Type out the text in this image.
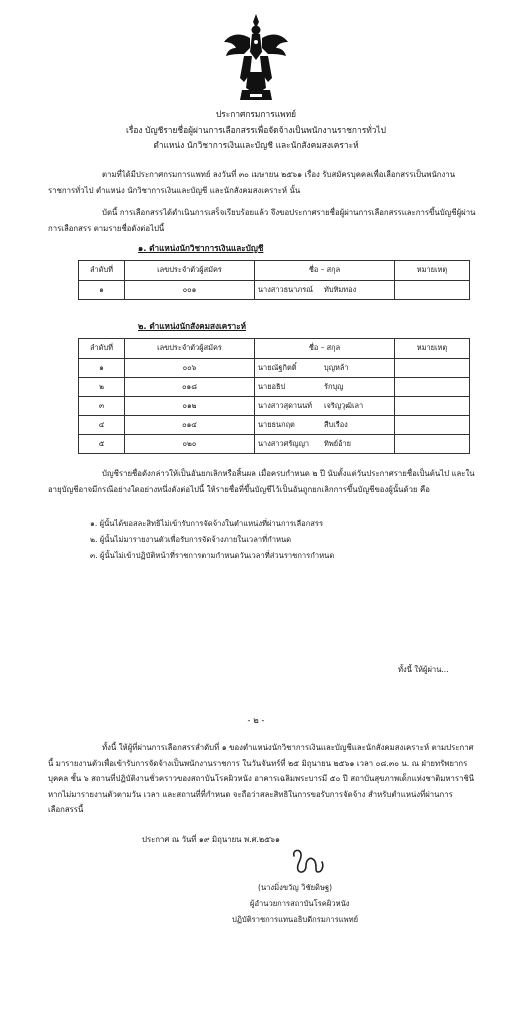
ประกาศกรมการแพทย์
เรื่อง บัญชีรายชื่อผู้ผ่านการเลือกสรรเพื่อจัดจ้างเป็นพนักงานราชการทั่วไป
ตำแหน่ง นักวิชาการเงินและบัญชี และนักสังคมสงเคราะห์
ตามที่ได้มีประกาศกรมการแพทย์ ลงวันที่ ๓๐ เมษายน ๒๕๖๑ เรื่อง รับสมัครบุคคลเพื่อเลือกสรรเป็นพนักงานราชการทั่วไป ตำแหน่ง นักวิชาการเงินและบัญชี และนักสังคมสงเคราะห์ นั้น
บัดนี้ การเลือกสรรได้ดำเนินการเสร็จเรียบร้อยแล้ว จึงขอประกาศรายชื่อผู้ผ่านการเลือกสรรและการขึ้นบัญชีผู้ผ่านการเลือกสรร ตามรายชื่อดังต่อไปนี้
๑. ตำแหน่งนักวิชาการเงินและบัญชี
ลำดับที่	เลขประจำตัวผู้สมัคร	ชื่อ – สกุล	หมายเหตุ
๑	๐๐๑	นางสาวธนาภรณ์ ทับทิมทอง	
๒. ตำแหน่งนักสังคมสงเคราะห์
ลำดับที่	เลขประจำตัวผู้สมัคร	ชื่อ – สกุล	หมายเหตุ
๑	๐๐๖	นายณัฐกิตติ์ บุญหล้า	
๒	๐๑๘	นายอธิป รักบุญ	
๓	๐๑๒	นางสาวสุดานนท์ เจริญวุฒิเลา	
๔	๐๑๔	นายธนกฤต สืบเรือง	
๕	๐๒๐	นางสาวศรัญญา ทิพย์อ้าย	
บัญชีรายชื่อดังกล่าวให้เป็นอันยกเลิกหรือสิ้นผล เมื่อครบกำหนด ๒ ปี นับตั้งแต่วันประกาศรายชื่อเป็นต้นไป และในอายุบัญชีอาจมีกรณีอย่างใดอย่างหนึ่งดังต่อไปนี้ ให้รายชื่อที่ขึ้นบัญชีไว้เป็นอันถูกยกเลิกการขึ้นบัญชีของผู้นั้นด้วย คือ
๑. ผู้นั้นได้ขอสละสิทธิไม่เข้ารับการจัดจ้างในตำแหน่งที่ผ่านการเลือกสรร
๒. ผู้นั้นไม่มารายงานตัวเพื่อรับการจัดจ้างภายในเวลาที่กำหนด
๓. ผู้นั้นไม่เข้าปฏิบัติหน้าที่ราชการตามกำหนดวันเวลาที่ส่วนราชการกำหนด
ทั้งนี้ ให้ผู้ผ่าน...
- ๒ -
ทั้งนี้ ให้ผู้ที่ผ่านการเลือกสรรลำดับที่ ๑ ของตำแหน่งนักวิชาการเงินและบัญชีและนักสังคมสงเคราะห์ ตามประกาศนี้ มารายงานตัวเพื่อเข้ารับการจัดจ้างเป็นพนักงานราชการ ในวันจันทร์ที่ ๒๕ มิถุนายน ๒๕๖๑ เวลา ๐๘.๓๐ น. ณ ฝ่ายทรัพยากรบุคคล ชั้น ๖ สถานที่ปฏิบัติงานชั่วคราวของสถาบันโรคผิวหนัง อาคารเฉลิมพระบารมี ๕๐ ปี สถาบันสุขภาพเด็กแห่งชาติมหาราชินี หากไม่มารายงานตัวตามวัน เวลา และสถานที่ที่กำหนด จะถือว่าสละสิทธิในการขอรับการจัดจ้าง สำหรับตำแหน่งที่ผ่านการเลือกสรรนี้
ประกาศ ณ วันที่ ๑๙ มิถุนายน พ.ศ.๒๕๖๑
(นางมิ่งขวัญ วิชัยดิษฐ)
ผู้อำนวยการสถาบันโรคผิวหนัง
ปฏิบัติราชการแทนอธิบดีกรมการแพทย์
